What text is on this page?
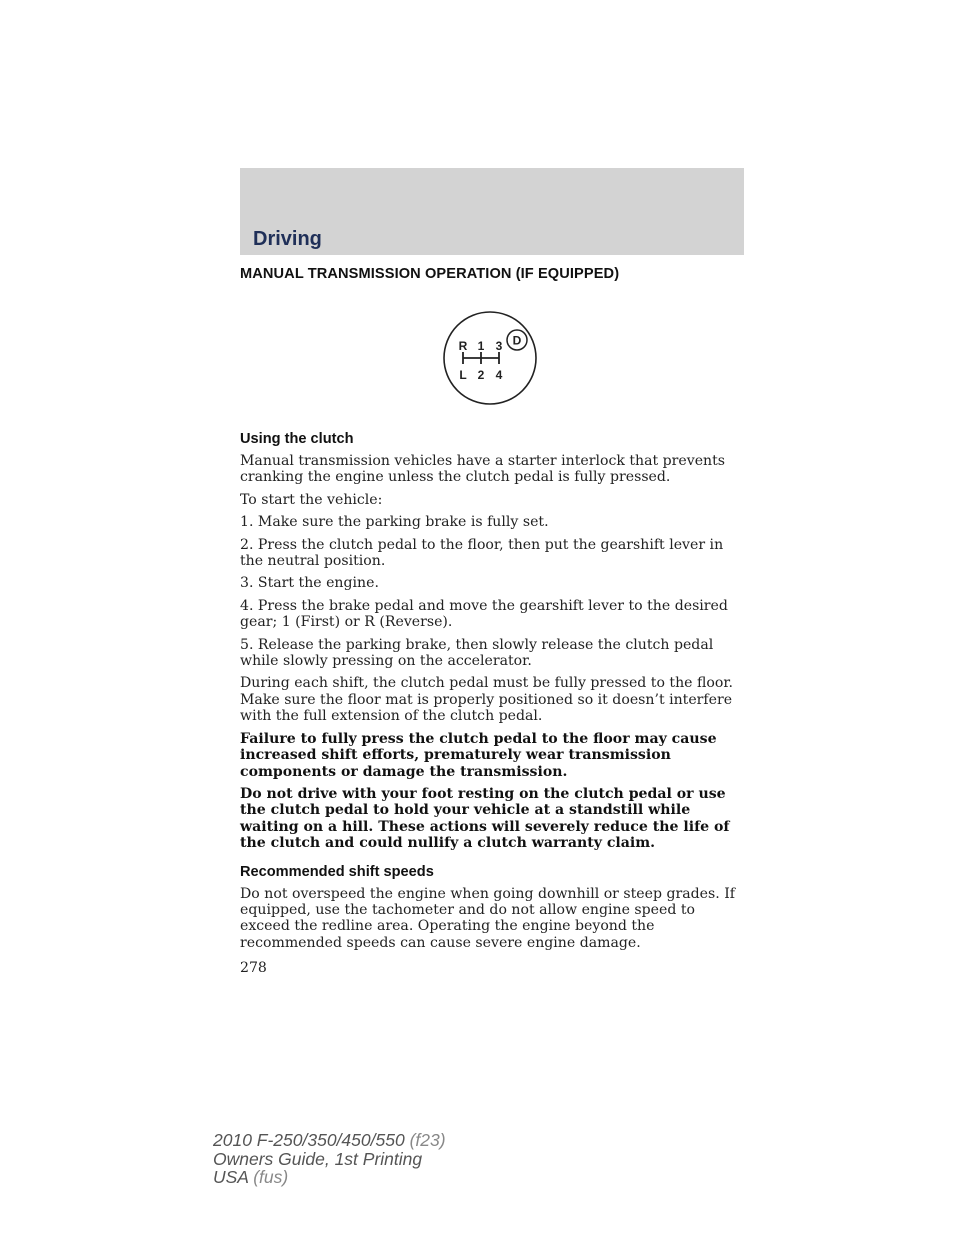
Driving
MANUAL TRANSMISSION OPERATION (IF EQUIPPED)
R 1 3
L 2 4
D
Using the clutch

Manual transmission vehicles have a starter interlock that prevents cranking the engine unless the clutch pedal is fully pressed.

To start the vehicle:

1. Make sure the parking brake is fully set.

2. Press the clutch pedal to the floor, then put the gearshift lever in the neutral position.

3. Start the engine.

4. Press the brake pedal and move the gearshift lever to the desired gear; 1 (First) or R (Reverse).

5. Release the parking brake, then slowly release the clutch pedal while slowly pressing on the accelerator.

During each shift, the clutch pedal must be fully pressed to the floor. Make sure the floor mat is properly positioned so it doesn’t interfere with the full extension of the clutch pedal.

Failure to fully press the clutch pedal to the floor may cause increased shift efforts, prematurely wear transmission components or damage the transmission.

Do not drive with your foot resting on the clutch pedal or use the clutch pedal to hold your vehicle at a standstill while waiting on a hill. These actions will severely reduce the life of the clutch and could nullify a clutch warranty claim.

Recommended shift speeds

Do not overspeed the engine when going downhill or steep grades. If equipped, use the tachometer and do not allow engine speed to exceed the redline area. Operating the engine beyond the recommended speeds can cause severe engine damage.

278
2010 F-250/350/450/550 (f23)
Owners Guide, 1st Printing
USA (fus)
